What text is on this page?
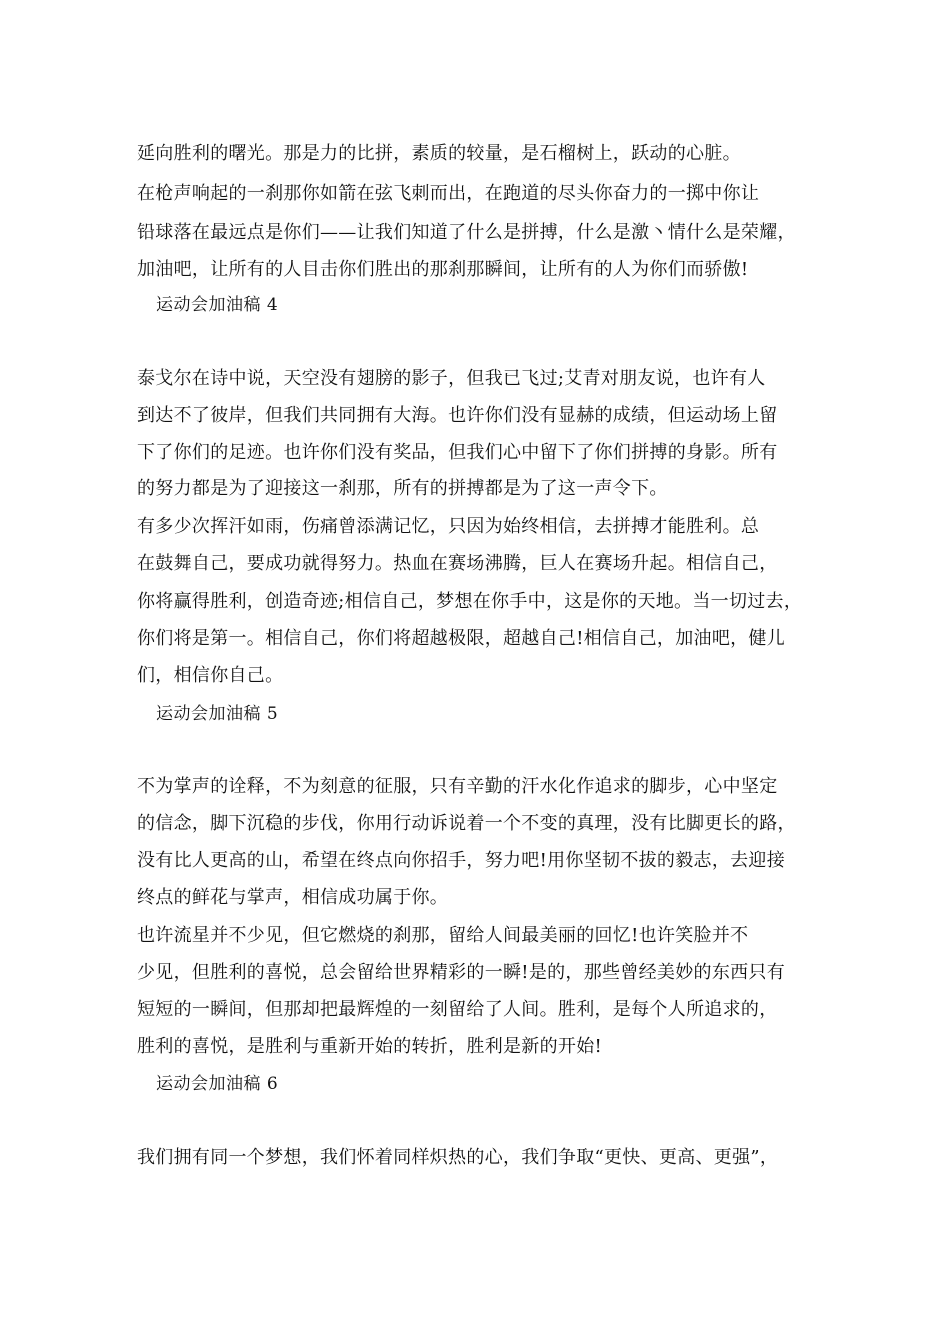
延向胜利的曙光。那是力的比拼，素质的较量，是石榴树上，跃动的心脏。
在枪声响起的一刹那你如箭在弦飞刺而出，在跑道的尽头你奋力的一掷中你让
铅球落在最远点是你们——让我们知道了什么是拼搏，什么是激丶情什么是荣耀，
加油吧，让所有的人目击你们胜出的那刹那瞬间，让所有的人为你们而骄傲!
运动会加油稿 4
泰戈尔在诗中说，天空没有翅膀的影子，但我已飞过;艾青对朋友说，也许有人
到达不了彼岸，但我们共同拥有大海。也许你们没有显赫的成绩，但运动场上留
下了你们的足迹。也许你们没有奖品，但我们心中留下了你们拼搏的身影。所有
的努力都是为了迎接这一刹那，所有的拼搏都是为了这一声令下。
有多少次挥汗如雨，伤痛曾添满记忆，只因为始终相信，去拼搏才能胜利。总
在鼓舞自己，要成功就得努力。热血在赛场沸腾，巨人在赛场升起。相信自己，
你将赢得胜利，创造奇迹;相信自己，梦想在你手中，这是你的天地。当一切过去，
你们将是第一。相信自己，你们将超越极限，超越自己!相信自己，加油吧，健儿
们，相信你自己。
运动会加油稿 5
不为掌声的诠释，不为刻意的征服，只有辛勤的汗水化作追求的脚步，心中坚定
的信念，脚下沉稳的步伐，你用行动诉说着一个不变的真理，没有比脚更长的路，
没有比人更高的山，希望在终点向你招手，努力吧!用你坚韧不拔的毅志，去迎接
终点的鲜花与掌声，相信成功属于你。
也许流星并不少见，但它燃烧的刹那，留给人间最美丽的回忆!也许笑脸并不
少见，但胜利的喜悦，总会留给世界精彩的一瞬!是的，那些曾经美妙的东西只有
短短的一瞬间，但那却把最辉煌的一刻留给了人间。胜利，是每个人所追求的，
胜利的喜悦，是胜利与重新开始的转折，胜利是新的开始!
运动会加油稿 6
我们拥有同一个梦想，我们怀着同样炽热的心，我们争取“更快、更高、更强”，
